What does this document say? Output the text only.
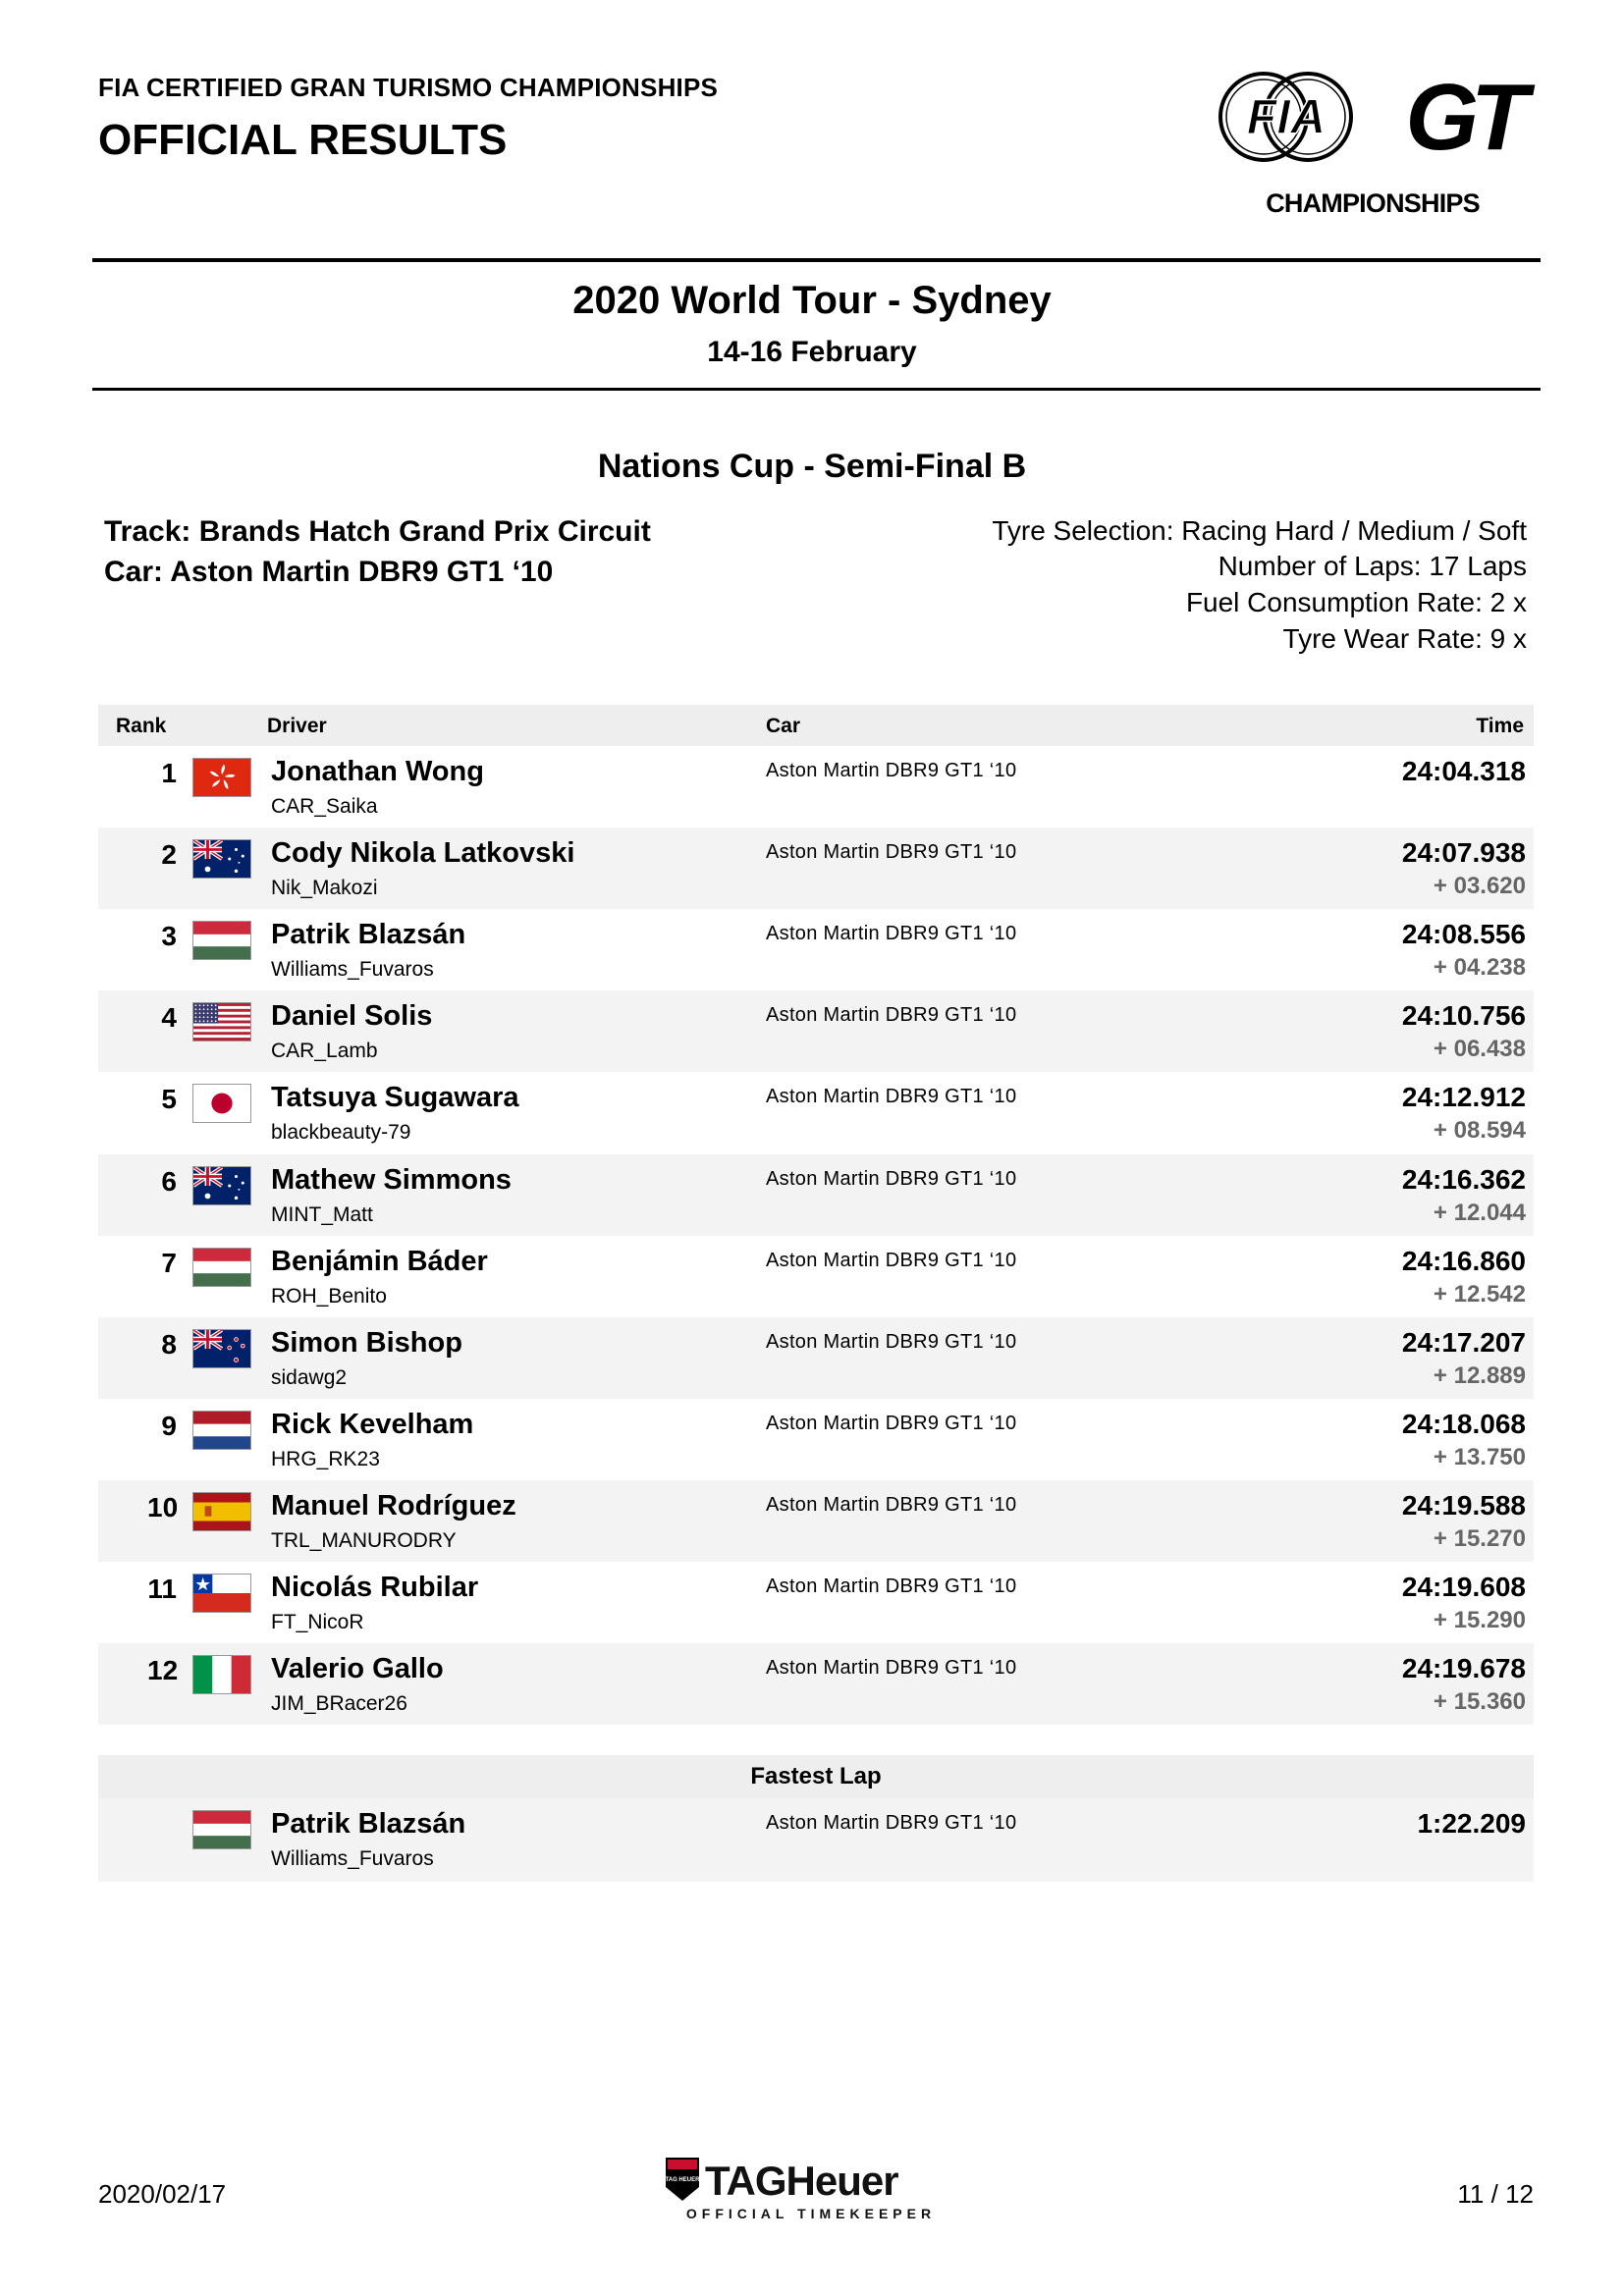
FIA CERTIFIED GRAN TURISMO CHAMPIONSHIPS
OFFICIAL RESULTS	FIA GT
CHAMPIONSHIPS
2020 World Tour - Sydney
14-16 February
Nations Cup - Semi-Final B
Track: Brands Hatch Grand Prix Circuit
Car: Aston Martin DBR9 GT1 ‘10
Tyre Selection: Racing Hard / Medium / Soft
Number of Laps: 17 Laps
Fuel Consumption Rate: 2 x
Tyre Wear Rate: 9 x
Rank	Driver	Car	Time
1	Jonathan Wong
CAR_Saika
Aston Martin DBR9 GT1 ‘10	24:04.318
2	Cody Nikola Latkovski
Nik_Makozi
Aston Martin DBR9 GT1 ‘10	24:07.938
+ 03.620
3	Patrik Blazsán
Williams_Fuvaros
Aston Martin DBR9 GT1 ‘10	24:08.556
+ 04.238
4	Daniel Solis
CAR_Lamb
Aston Martin DBR9 GT1 ‘10	24:10.756
+ 06.438
5	Tatsuya Sugawara
blackbeauty-79
Aston Martin DBR9 GT1 ‘10	24:12.912
+ 08.594
6	Mathew Simmons
MINT_Matt
Aston Martin DBR9 GT1 ‘10	24:16.362
+ 12.044
7	Benjámin Báder
ROH_Benito
Aston Martin DBR9 GT1 ‘10	24:16.860
+ 12.542
8	Simon Bishop
sidawg2
Aston Martin DBR9 GT1 ‘10	24:17.207
+ 12.889
9	Rick Kevelham
HRG_RK23
Aston Martin DBR9 GT1 ‘10	24:18.068
+ 13.750
10	Manuel Rodríguez
TRL_MANURODRY
Aston Martin DBR9 GT1 ‘10	24:19.588
+ 15.270
11	Nicolás Rubilar
FT_NicoR
Aston Martin DBR9 GT1 ‘10	24:19.608
+ 15.290
12	Valerio Gallo
JIM_BRacer26
Aston Martin DBR9 GT1 ‘10	24:19.678
+ 15.360
Fastest Lap
Patrik Blazsán
Williams_Fuvaros
Aston Martin DBR9 GT1 ‘10	1:22.209
2020/02/17	TAG HEUER TAGHeuer
OFFICIAL TIMEKEEPER
11 / 12
